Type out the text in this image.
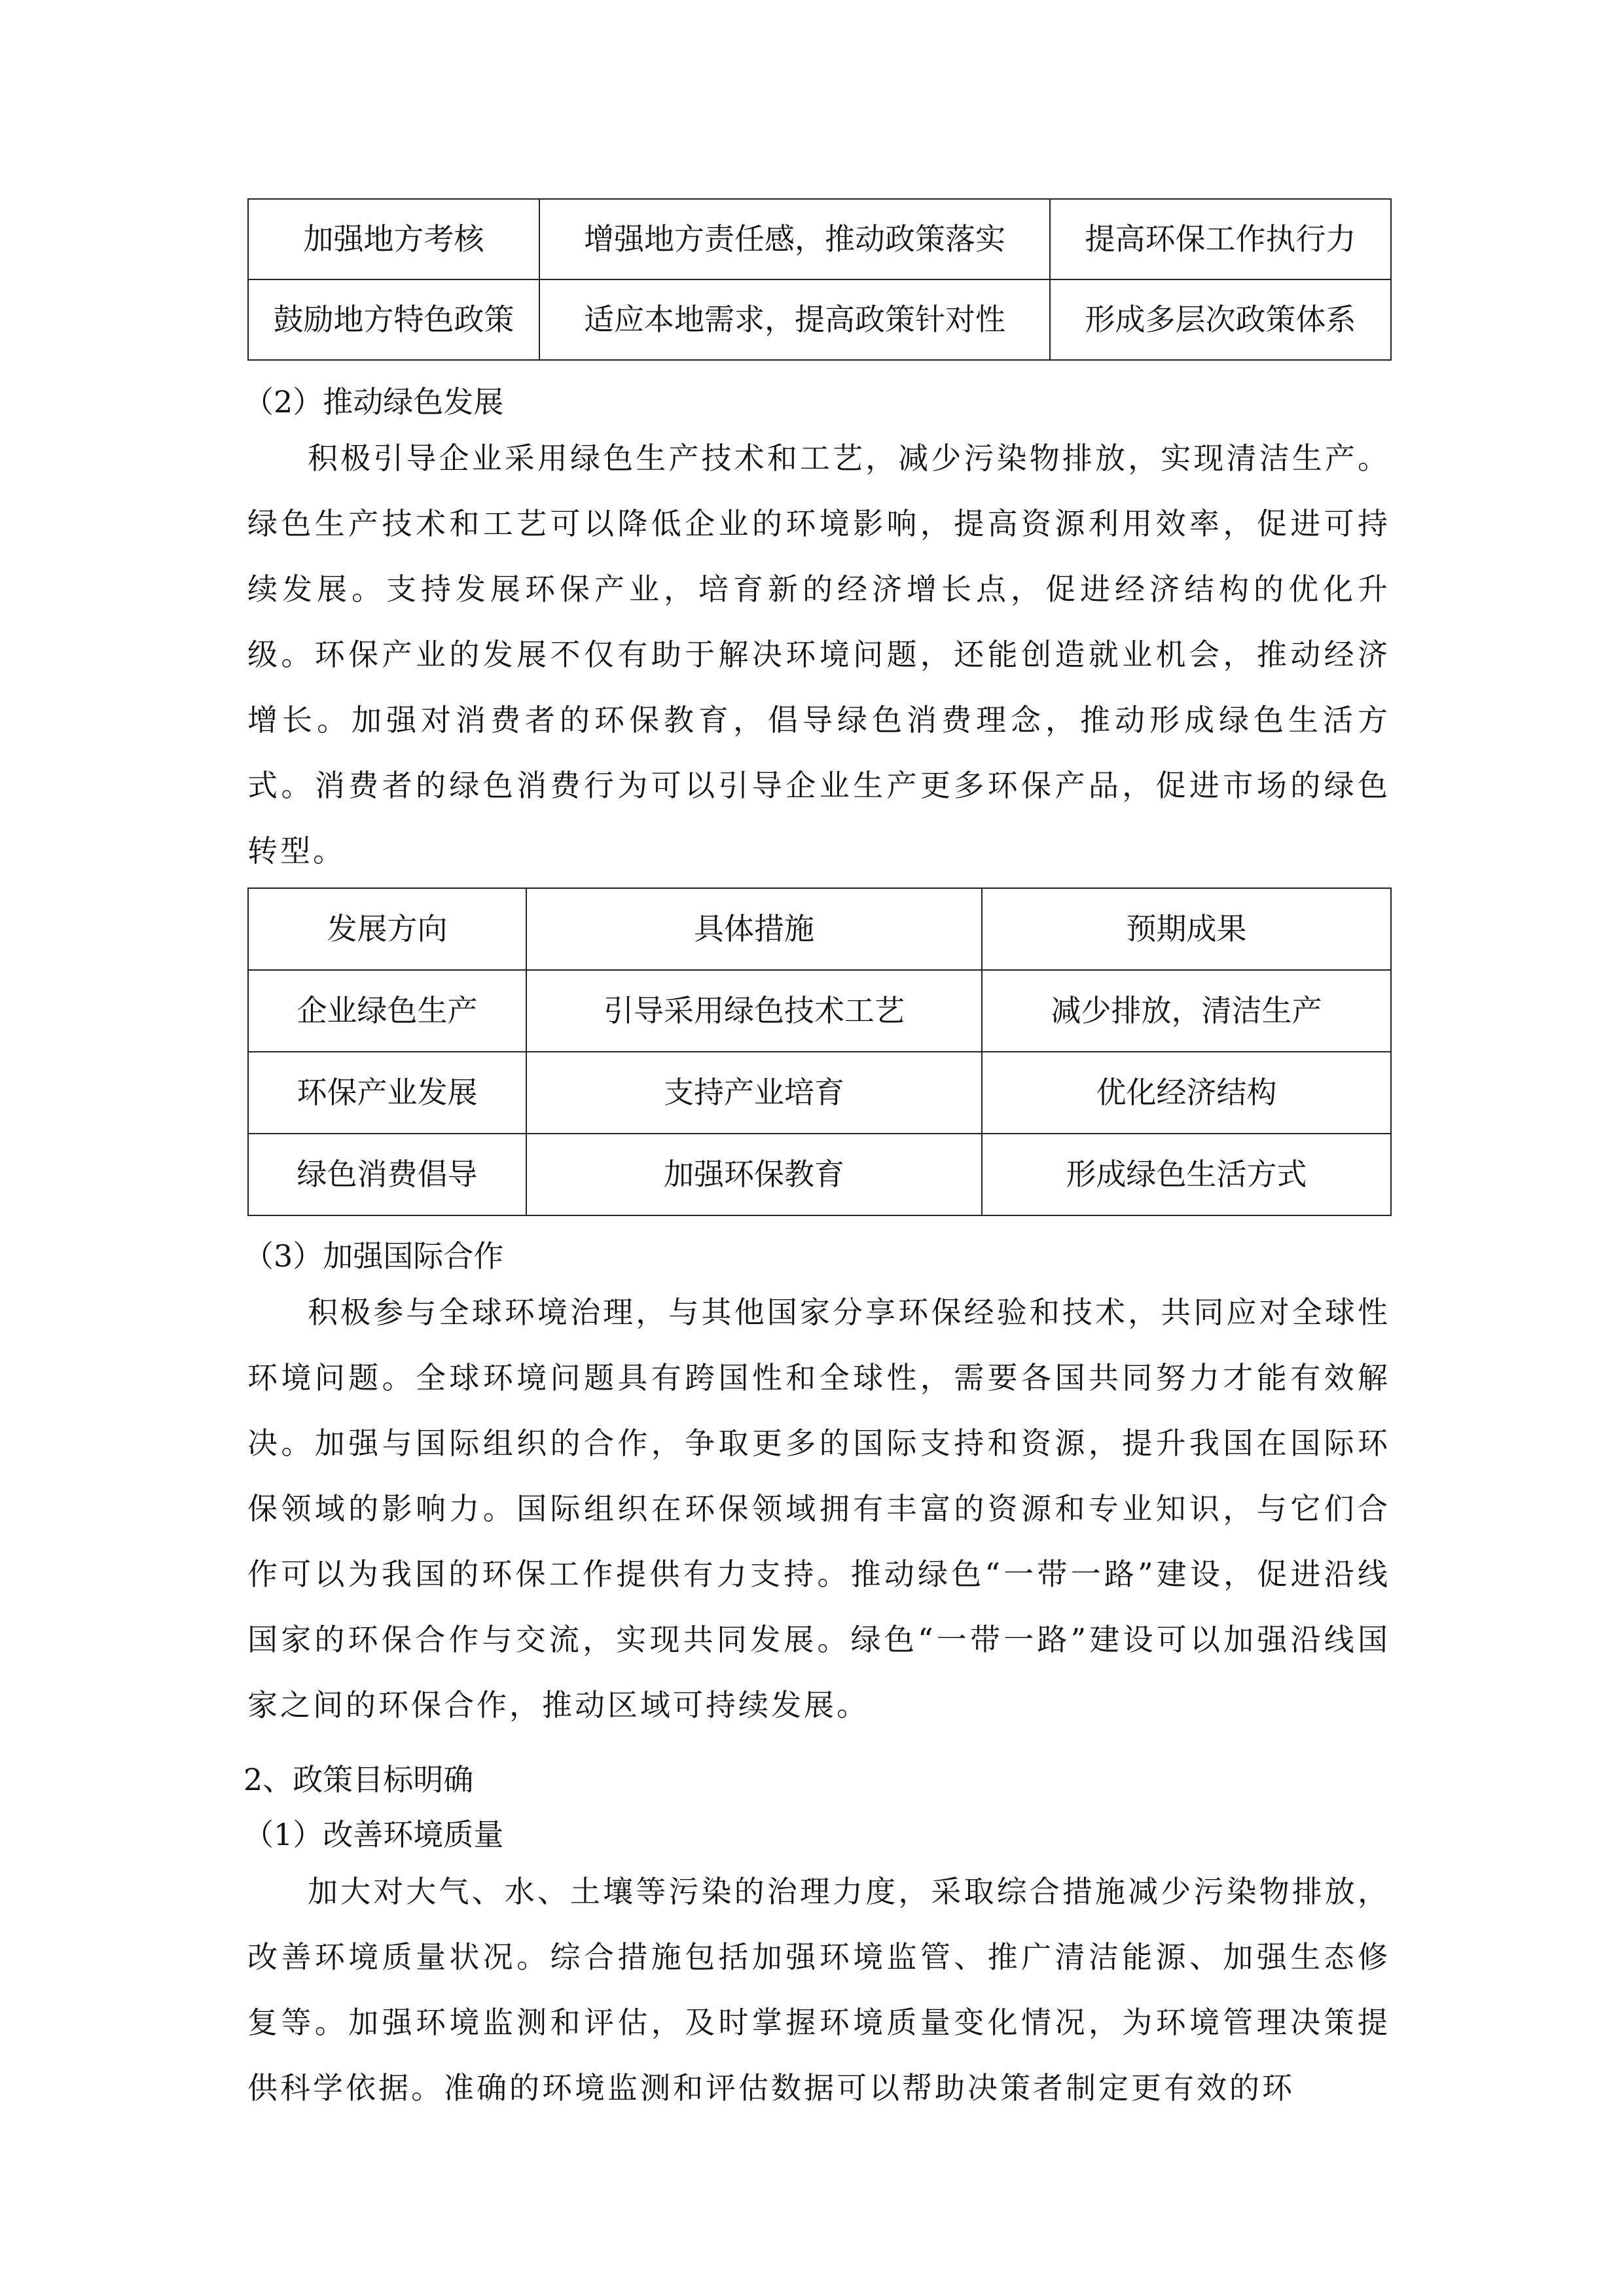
加强地方考核	增强地方责任感，推动政策落实	提高环保工作执行力
鼓励地方特色政策	适应本地需求，提高政策针对性	形成多层次政策体系
（2）推动绿色发展

积极引导企业采用绿色生产技术和工艺，减少污染物排放，实现清洁生产。绿色生产技术和工艺可以降低企业的环境影响，提高资源利用效率，促进可持续发展。支持发展环保产业，培育新的经济增长点，促进经济结构的优化升级。环保产业的发展不仅有助于解决环境问题，还能创造就业机会，推动经济增长。加强对消费者的环保教育，倡导绿色消费理念，推动形成绿色生活方式。消费者的绿色消费行为可以引导企业生产更多环保产品，促进市场的绿色转型。

发展方向	具体措施	预期成果
企业绿色生产	引导采用绿色技术工艺	减少排放，清洁生产
环保产业发展	支持产业培育	优化经济结构
绿色消费倡导	加强环保教育	形成绿色生活方式
（3）加强国际合作

积极参与全球环境治理，与其他国家分享环保经验和技术，共同应对全球性环境问题。全球环境问题具有跨国性和全球性，需要各国共同努力才能有效解决。加强与国际组织的合作，争取更多的国际支持和资源，提升我国在国际环保领域的影响力。国际组织在环保领域拥有丰富的资源和专业知识，与它们合作可以为我国的环保工作提供有力支持。推动绿色“一带一路”建设，促进沿线国家的环保合作与交流，实现共同发展。绿色“一带一路”建设可以加强沿线国家之间的环保合作，推动区域可持续发展。

2、政策目标明确
（1）改善环境质量

加大对大气、水、土壤等污染的治理力度，采取综合措施减少污染物排放，改善环境质量状况。综合措施包括加强环境监管、推广清洁能源、加强生态修复等。加强环境监测和评估，及时掌握环境质量变化情况，为环境管理决策提供科学依据。准确的环境监测和评估数据可以帮助决策者制定更有效的环
